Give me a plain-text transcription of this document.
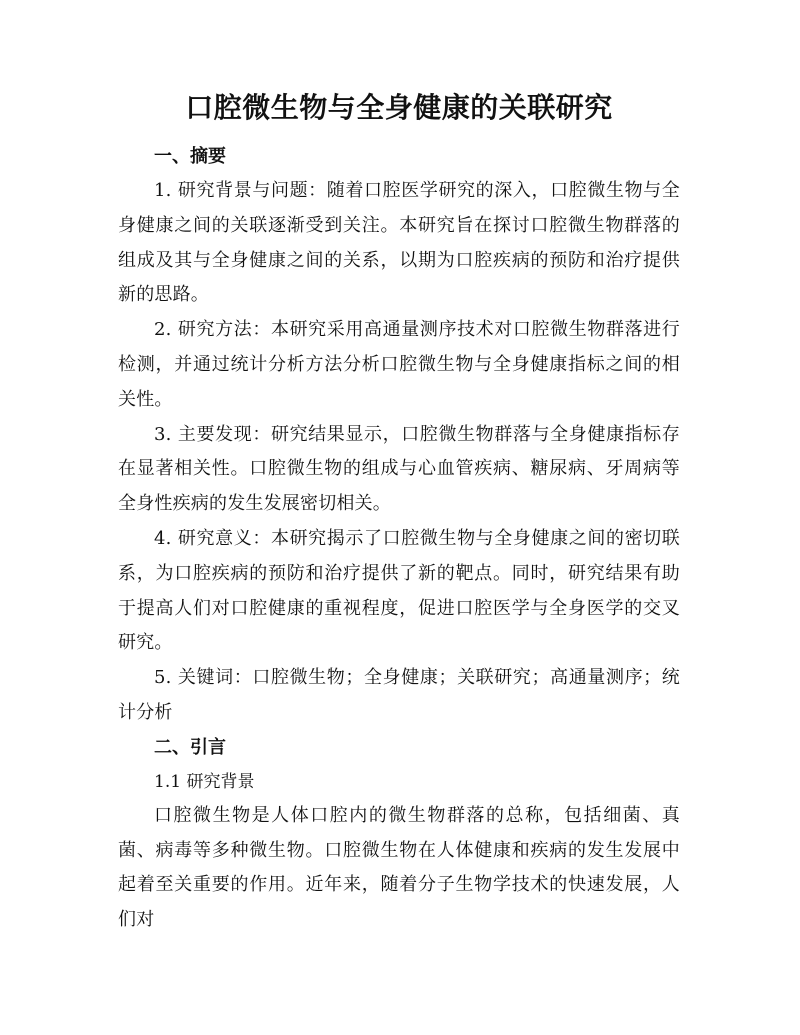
口腔微生物与全身健康的关联研究

一、摘要

1. 研究背景与问题：随着口腔医学研究的深入，口腔微生物与全身健康之间的关联逐渐受到关注。本研究旨在探讨口腔微生物群落的组成及其与全身健康之间的关系，以期为口腔疾病的预防和治疗提供新的思路。

2. 研究方法：本研究采用高通量测序技术对口腔微生物群落进行检测，并通过统计分析方法分析口腔微生物与全身健康指标之间的相关性。

3. 主要发现：研究结果显示，口腔微生物群落与全身健康指标存在显著相关性。口腔微生物的组成与心血管疾病、糖尿病、牙周病等全身性疾病的发生发展密切相关。

4. 研究意义：本研究揭示了口腔微生物与全身健康之间的密切联系，为口腔疾病的预防和治疗提供了新的靶点。同时，研究结果有助于提高人们对口腔健康的重视程度，促进口腔医学与全身医学的交叉研究。

5. 关键词：口腔微生物；全身健康；关联研究；高通量测序；统计分析

二、引言

1.1 研究背景

口腔微生物是人体口腔内的微生物群落的总称，包括细菌、真菌、病毒等多种微生物。口腔微生物在人体健康和疾病的发生发展中起着至关重要的作用。近年来，随着分子生物学技术的快速发展，人们对
